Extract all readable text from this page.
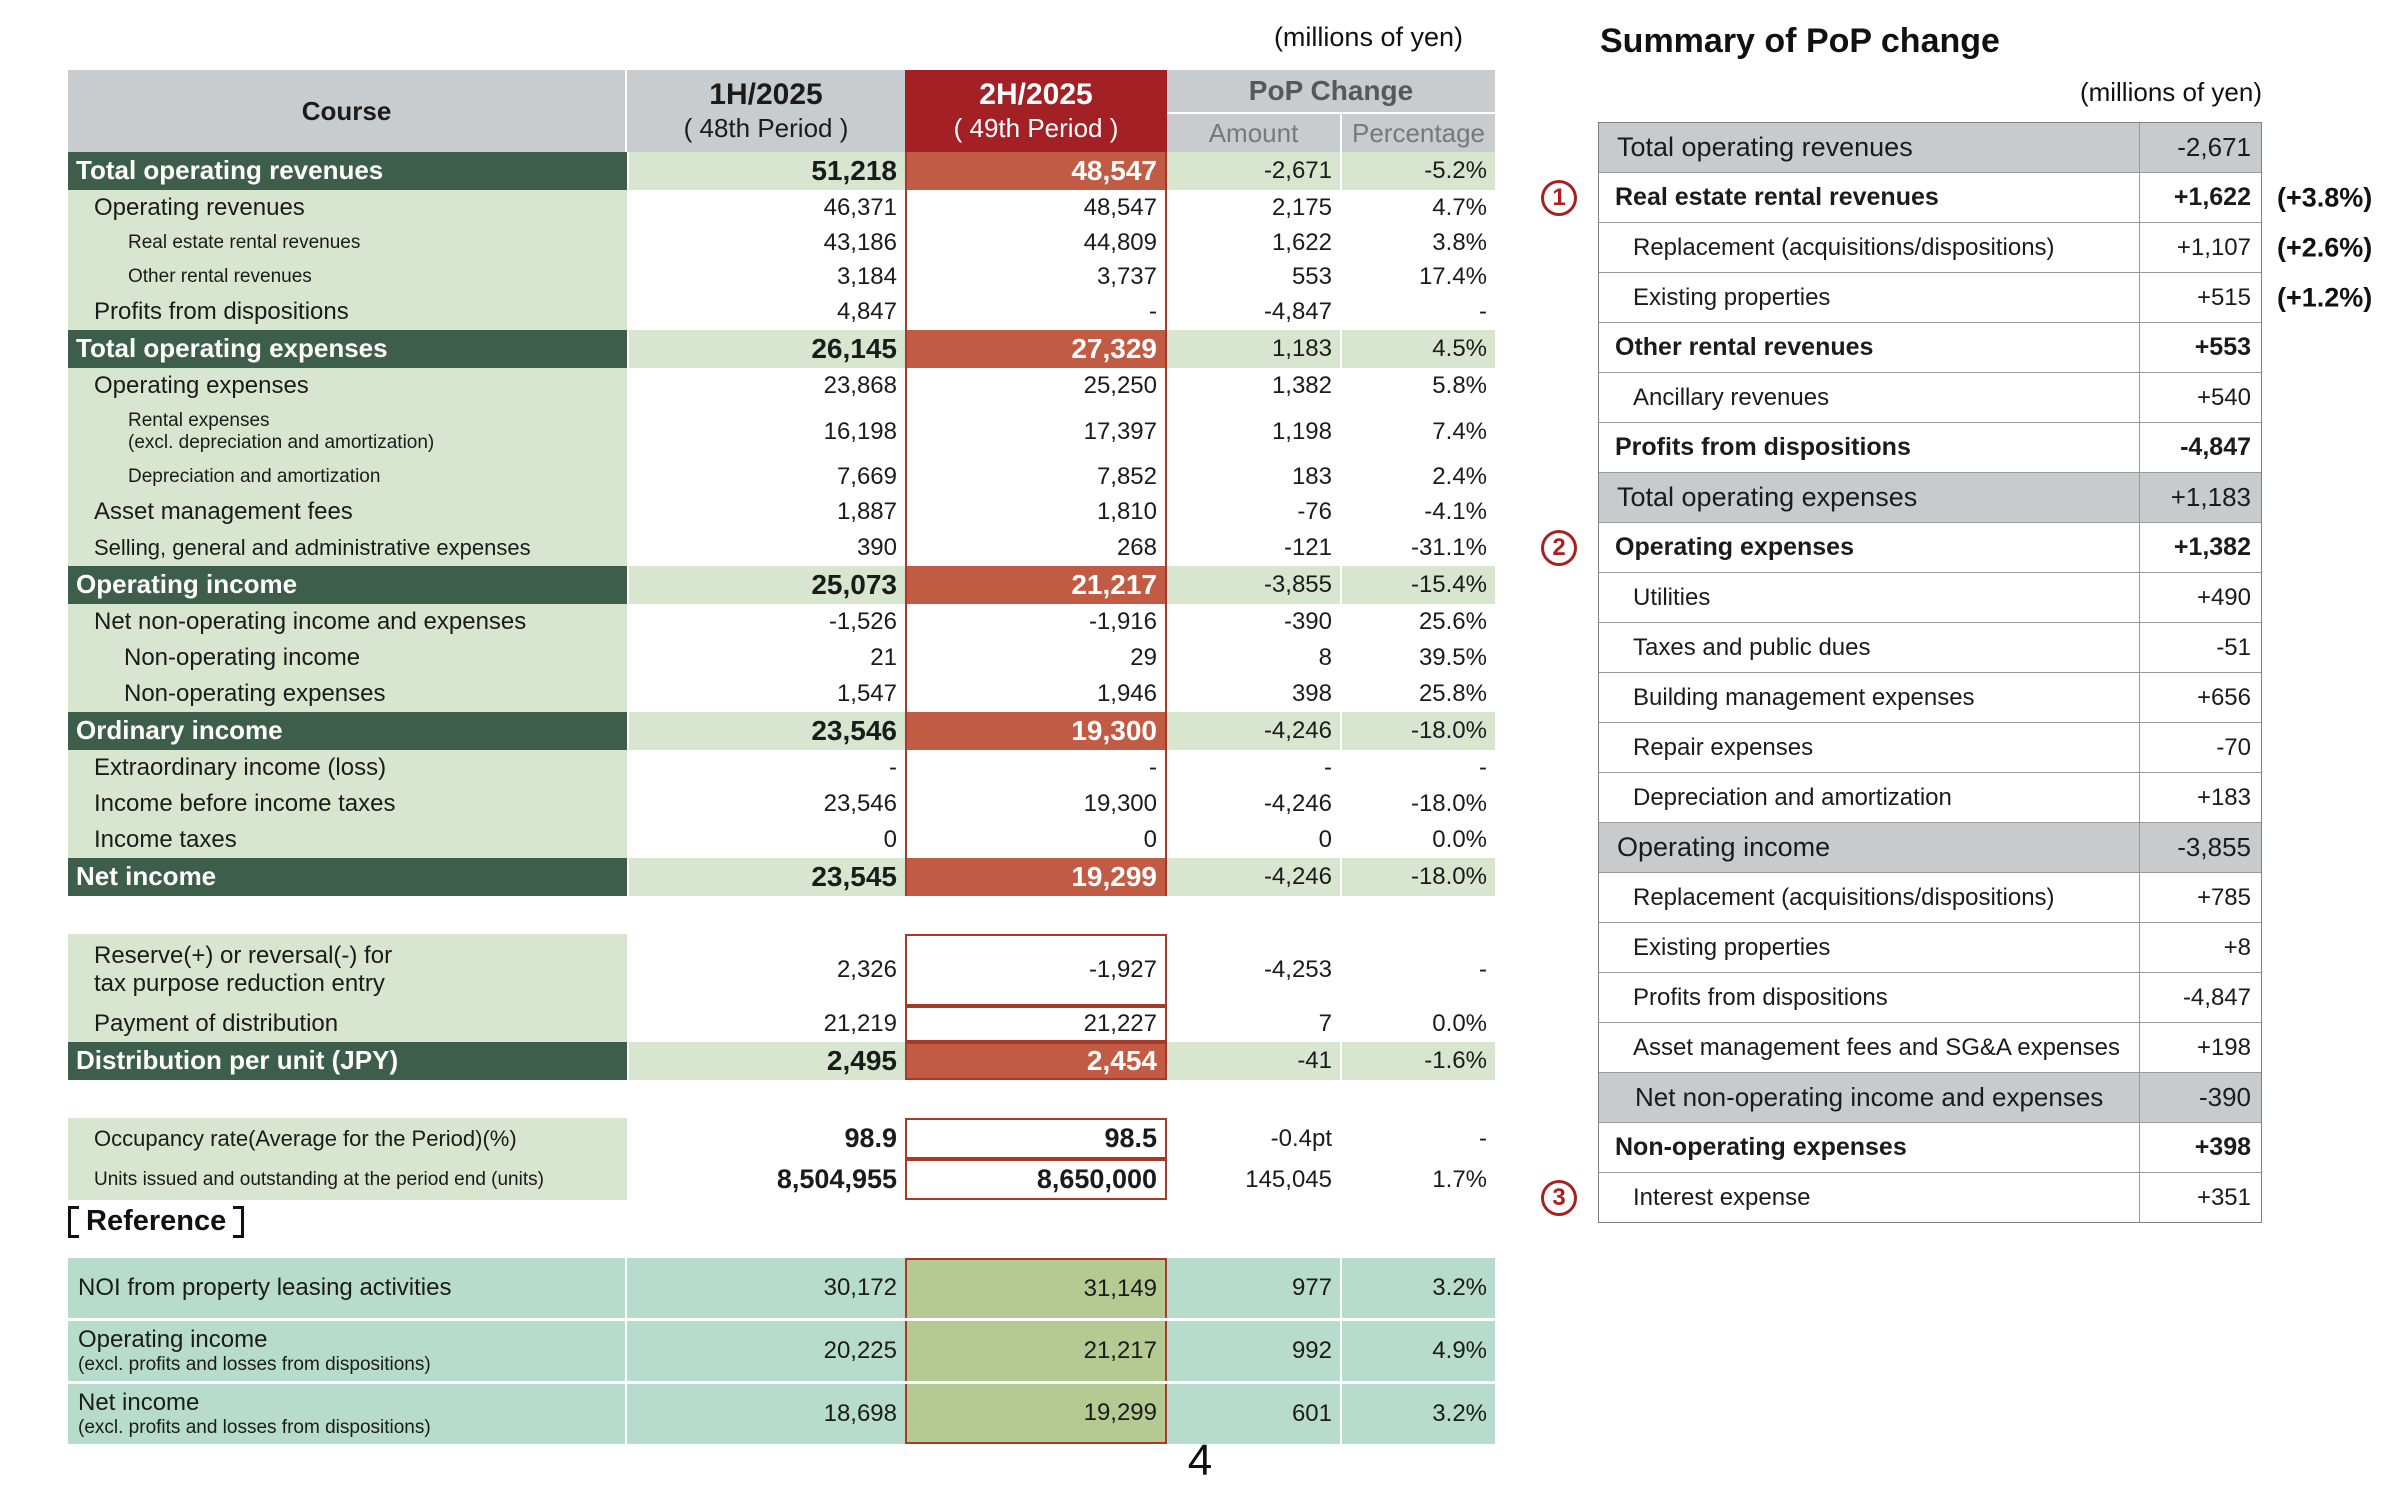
(millions of yen)
Course	1H/2025
( 48th Period )
2H/2025
( 49th Period )
PoP Change
Amount	Percentage
Total operating revenues	51,218	48,547	-2,671	-5.2%
Operating revenues	46,371	48,547	2,175	4.7%
Real estate rental revenues	43,186	44,809	1,622	3.8%
Other rental revenues	3,184	3,737	553	17.4%
Profits from dispositions	4,847	-	-4,847	-
Total operating expenses	26,145	27,329	1,183	4.5%
Operating expenses	23,868	25,250	1,382	5.8%
Rental expenses
(excl. depreciation and amortization)	16,198	17,397	1,198	7.4%
Depreciation and amortization	7,669	7,852	183	2.4%
Asset management fees	1,887	1,810	-76	-4.1%
Selling, general and administrative expenses	390	268	-121	-31.1%
Operating income	25,073	21,217	-3,855	-15.4%
Net non-operating income and expenses	-1,526	-1,916	-390	25.6%
Non-operating income	21	29	8	39.5%
Non-operating expenses	1,547	1,946	398	25.8%
Ordinary income	23,546	19,300	-4,246	-18.0%
Extraordinary income (loss)	-	-	-	-
Income before income taxes	23,546	19,300	-4,246	-18.0%
Income taxes	0	0	0	0.0%
Net income	23,545	19,299	-4,246	-18.0%
Reserve(+) or reversal(-) for
tax purpose reduction entry
2,326	-1,927	-4,253	-
Payment of distribution	21,219	21,227	7	0.0%
Distribution per unit (JPY)	2,495	2,454	-41	-1.6%
Occupancy rate(Average for the Period)(%)	98.9	98.5	-0.4pt	-
Units issued and outstanding at the period end (units)	8,504,955	8,650,000	145,045	1.7%
Reference
NOI from property leasing activities	30,172	31,149	977	3.2%
Operating income
(excl. profits and losses from dispositions)
20,225	21,217	992	4.9%
Net income
(excl. profits and losses from dispositions)
18,698	19,299	601	3.2%
Summary of PoP change
(millions of yen)
Total operating revenues	-2,671
1	Real estate rental revenues	+1,622 (+3.8%)
Replacement (acquisitions/dispositions)	+1,107 (+2.6%)
Existing properties	+515 (+1.2%)
Other rental revenues	+553
Ancillary revenues	+540
Profits from dispositions	-4,847
Total operating expenses	+1,183
2	Operating expenses	+1,382
Utilities	+490
Taxes and public dues	-51
Building management expenses	+656
Repair expenses	-70
Depreciation and amortization	+183
Operating income	-3,855
Replacement (acquisitions/dispositions)	+785
Existing properties	+8
Profits from dispositions	-4,847
Asset management fees and SG&A expenses	+198
Net non-operating income and expenses	-390
Non-operating expenses	+398
3	Interest expense	+351
4
